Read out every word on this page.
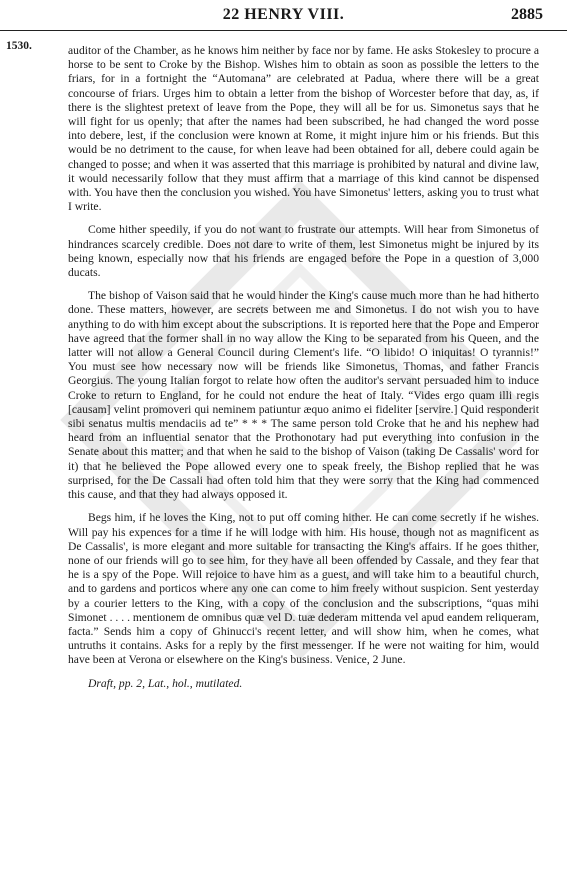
22 HENRY VIII.	2885
1530.	auditor of the Chamber, as he knows him neither by face nor by fame. He asks Stokesley to procure a horse to be sent to Croke by the Bishop. Wishes him to obtain as soon as possible the letters to the friars, for in a fortnight the “Automana” are celebrated at Padua, where there will be a great concourse of friars. Urges him to obtain a letter from the bishop of Worcester before that day, as, if there is the slightest pretext of leave from the Pope, they will all be for us. Simonetus says that he will fight for us openly; that after the names had been subscribed, he had changed the word posse into debere, lest, if the conclusion were known at Rome, it might injure him or his friends. But this would be no detriment to the cause, for when leave had been obtained for all, debere could again be changed to posse; and when it was asserted that this marriage is prohibited by natural and divine law, it would necessarily follow that they must affirm that a marriage of this kind cannot be dispensed with. You have then the conclusion you wished. You have Simonetus' letters, asking you to trust what I write.

Come hither speedily, if you do not want to frustrate our attempts. Will hear from Simonetus of hindrances scarcely credible. Does not dare to write of them, lest Simonetus might be injured by its being known, especially now that his friends are engaged before the Pope in a question of 3,000 ducats.

The bishop of Vaison said that he would hinder the King's cause much more than he had hitherto done. These matters, however, are secrets between me and Simonetus. I do not wish you to have anything to do with him except about the subscriptions. It is reported here that the Pope and Emperor have agreed that the former shall in no way allow the King to be separated from his Queen, and the latter will not allow a General Council during Clement's life. “O libido! O iniquitas! O tyrannis!” You must see how necessary now will be friends like Simonetus, Thomas, and father Francis Georgius. The young Italian forgot to relate how often the auditor's servant persuaded him to induce Croke to return to England, for he could not endure the heat of Italy. “Vides ergo quam illi regis [causam] velint promoveri qui neminem patiuntur æquo animo ei fideliter [servire.] Quid responderit sibi senatus multis mendaciis ad te” * * * The same person told Croke that he and his nephew had heard from an influential senator that the Prothonotary had put everything into confusion in the Senate about this matter; and that when he said to the bishop of Vaison (taking De Cassalis' word for it) that he believed the Pope allowed every one to speak freely, the Bishop replied that he was surprised, for the De Cassali had often told him that they were sorry that the King had commenced this cause, and that they had always opposed it.

Begs him, if he loves the King, not to put off coming hither. He can come secretly if he wishes. Will pay his expences for a time if he will lodge with him. His house, though not as magnificent as De Cassalis', is more elegant and more suitable for transacting the King's affairs. If he goes thither, none of our friends will go to see him, for they have all been offended by Cassale, and they fear that he is a spy of the Pope. Will rejoice to have him as a guest, and will take him to a beautiful church, and to gardens and porticos where any one can come to him freely without suspicion. Sent yesterday by a courier letters to the King, with a copy of the conclusion and the subscriptions, “quas mihi Simonet . . . . mentionem de omnibus quæ vel D. tuæ dederam mittenda vel apud eandem reliqueram, facta.” Sends him a copy of Ghinucci's recent letter, and will show him, when he comes, what untruths it contains. Asks for a reply by the first messenger. If he were not waiting for him, would have been at Verona or elsewhere on the King's business. Venice, 2 June.

Draft, pp. 2, Lat., hol., mutilated.
